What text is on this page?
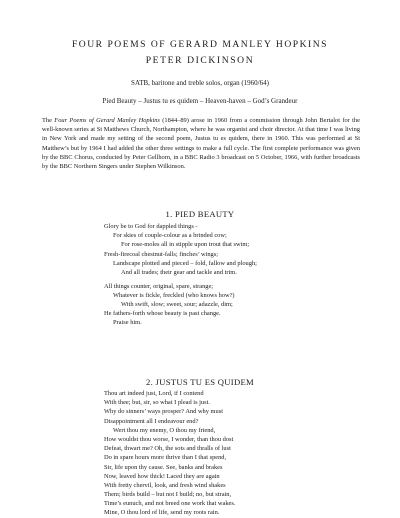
FOUR POEMS OF GERARD MANLEY HOPKINS
PETER DICKINSON
SATB, baritone and treble solos, organ (1960/64)
Pied Beauty – Justus tu es quidem – Heaven-haven – God’s Grandeur

The Four Poems of Gerard Manley Hopkins (1844–89) arose in 1960 from a commission through John Bertalot for the well-known series at St Matthews Church, Northampton, where he was organist and choir director. At that time I was living in New York and made my setting of the second poem, Justus tu es quidem, there in 1960. This was performed at St Matthew’s but by 1964 I had added the other three settings to make a full cycle. The first complete performance was given by the BBC Chorus, conducted by Peter Gellhorn, in a BBC Radio 3 broadcast on 5 October, 1966, with further broadcasts by the BBC Northern Singers under Stephen Wilkinson.

1. PIED BEAUTY
Glory be to God for dappled things -
For skies of couple-colour as a brinded cow;
For rose-moles all in stipple upon trout that swim;
Fresh-firecoal chestnut-falls; finches’ wings;
Landscape plotted and pieced – fold, fallow and plough;
And all trades; their gear and tackle and trim.
All things counter, original, spare, strange;
Whatever is fickle, freckled (who knows how?)
With swift, slow; sweet, sour; adazzle, dim;
He fathers-forth whose beauty is past change.
Praise him.
2. JUSTUS TU ES QUIDEM
Thou art indeed just, Lord, if I contend
With thee; but, sir, so what I plead is just.
Why do sinners’ ways prosper? And why must
Disappointment all I endeavour end?
Wert thou my enemy, O thou my friend,
How wouldst thou worse, I wonder, than thou dost
Defeat, thwart me? Oh, the sots and thralls of lust
Do in spare hours more thrive than I that spend,
Sir, life upon thy cause. See, banks and brakes
Now, leaved how thick! Laced they are again
With fretty chervil, look, and fresh wind shakes
Them; birds build – but not I build; no, but strain,
Time’s eunuch, and not breed one work that wakes.
Mine, O thou lord of life, send my roots rain.
